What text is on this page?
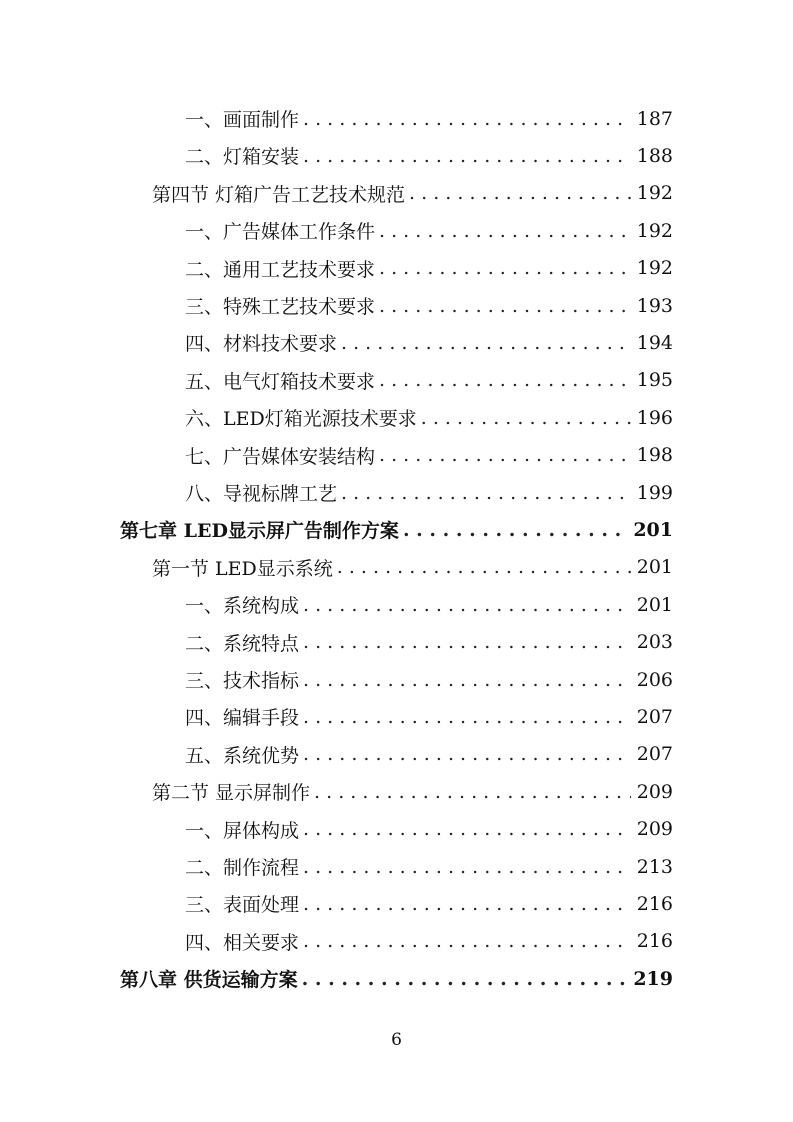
一、画面制作 . . .	187
二、灯箱安装 . . .	188
第四节 灯箱广告工艺技术规范 . . .	192
一、广告媒体工作条件 . . .	192
二、通用工艺技术要求 . . .	192
三、特殊工艺技术要求 . . .	193
四、材料技术要求 . . .	194
五、电气灯箱技术要求 . . .	195
六、LED灯箱光源技术要求 . . .	196
七、广告媒体安装结构 . . .	198
八、导视标牌工艺 . . .	199
第七章 LED显示屏广告制作方案 . . .	201
第一节 LED显示系统 . . .	201
一、系统构成 . . .	201
二、系统特点 . . .	203
三、技术指标 . . .	206
四、编辑手段 . . .	207
五、系统优势 . . .	207
第二节 显示屏制作 . . .	209
一、屏体构成 . . .	209
二、制作流程 . . .	213
三、表面处理 . . .	216
四、相关要求 . . .	216
第八章 供货运输方案 . . .	219
6
